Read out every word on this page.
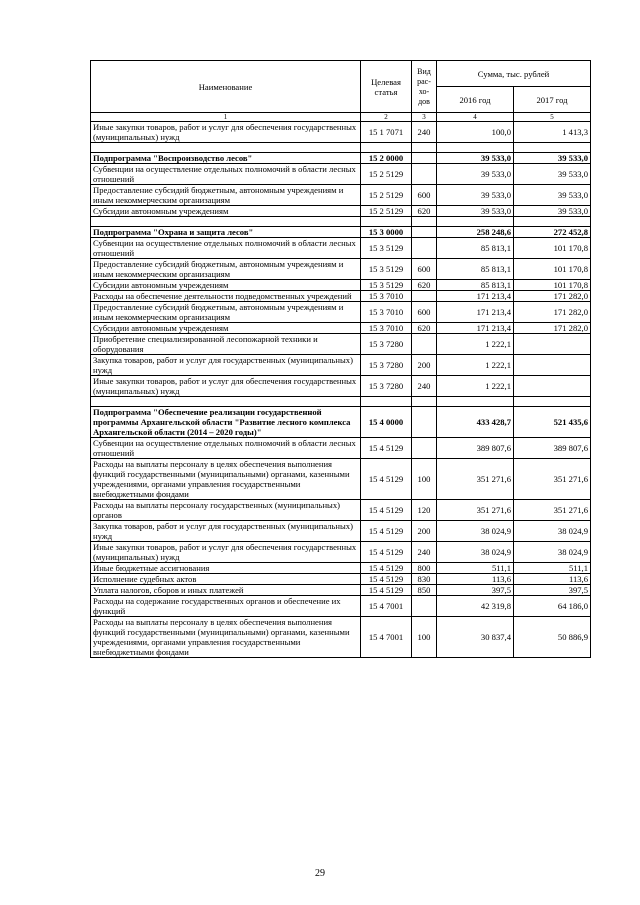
Наименование	Целевая статья	Вид рас-хо-дов	Сумма, тыс. рублей	
			2016 год	2017 год
1	2	3	4	5
Иные закупки товаров, работ и услуг для обеспечения государственных (муниципальных) нужд	15 1 7071	240	100,0	1 413,3

Подпрограмма "Воспроизводство лесов"	15 2 0000		39 533,0	39 533,0
Субвенции на осуществление отдельных полномочий в области лесных отношений	15 2 5129		39 533,0	39 533,0
Предоставление субсидий бюджетным, автономным учреждениям и иным некоммерческим организациям	15 2 5129	600	39 533,0	39 533,0
Субсидии автономным учреждениям	15 2 5129	620	39 533,0	39 533,0

Подпрограмма "Охрана и защита лесов"	15 3 0000		258 248,6	272 452,8
Субвенции на осуществление отдельных полномочий в области лесных отношений	15 3 5129		85 813,1	101 170,8
Предоставление субсидий бюджетным, автономным учреждениям и иным некоммерческим организациям	15 3 5129	600	85 813,1	101 170,8
Субсидии автономным учреждениям	15 3 5129	620	85 813,1	101 170,8
Расходы на обеспечение деятельности подведомственных учреждений	15 3 7010		171 213,4	171 282,0
Предоставление субсидий бюджетным, автономным учреждениям и иным некоммерческим организациям	15 3 7010	600	171 213,4	171 282,0
Субсидии автономным учреждениям	15 3 7010	620	171 213,4	171 282,0
Приобретение специализированной лесопожарной техники и оборудования	15 3 7280		1 222,1	
Закупка товаров, работ и услуг для государственных (муниципальных) нужд	15 3 7280	200	1 222,1	
Иные закупки товаров, работ и услуг для обеспечения государственных (муниципальных) нужд	15 3 7280	240	1 222,1	

Подпрограмма "Обеспечение реализации государственной программы Архангельской области "Развитие лесного комплекса Архангельской области (2014 – 2020 годы)"	15 4 0000		433 428,7	521 435,6
Субвенции на осуществление отдельных полномочий в области лесных отношений	15 4 5129		389 807,6	389 807,6
Расходы на выплаты персоналу в целях обеспечения выполнения функций государственными (муниципальными) органами, казенными учреждениями, органами управления государственными внебюджетными фондами	15 4 5129	100	351 271,6	351 271,6
Расходы на выплаты персоналу государственных (муниципальных) органов	15 4 5129	120	351 271,6	351 271,6
Закупка товаров, работ и услуг для государственных (муниципальных) нужд	15 4 5129	200	38 024,9	38 024,9
Иные закупки товаров, работ и услуг для обеспечения государственных (муниципальных) нужд	15 4 5129	240	38 024,9	38 024,9
Иные бюджетные ассигнования	15 4 5129	800	511,1	511,1
Исполнение судебных актов	15 4 5129	830	113,6	113,6
Уплата налогов, сборов и иных платежей	15 4 5129	850	397,5	397,5
Расходы на содержание государственных органов и обеспечение их функций	15 4 7001		42 319,8	64 186,0
Расходы на выплаты персоналу в целях обеспечения выполнения функций государственными (муниципальными) органами, казенными учреждениями, органами управления государственными внебюджетными фондами	15 4 7001	100	30 837,4	50 886,9
29
